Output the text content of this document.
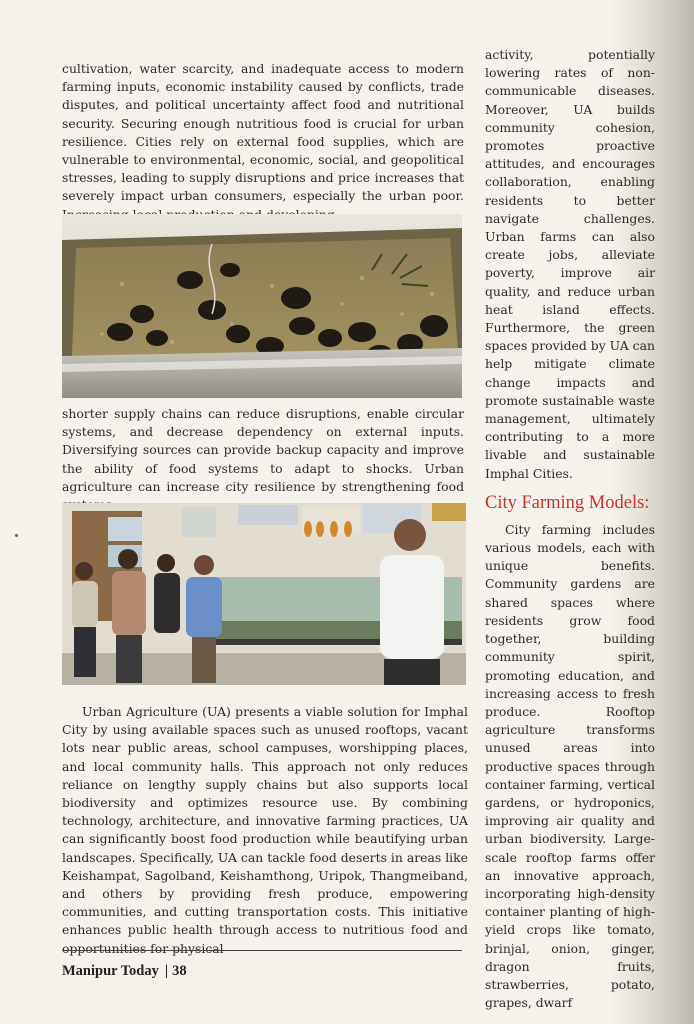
cultivation, water scarcity, and inadequate access to modern farming inputs, economic instability caused by conflicts, trade disputes, and political uncertainty affect food and nutritional security. Securing enough nutritious food is crucial for urban resilience. Cities rely on external food supplies, which are vulnerable to environmental, economic, social, and geopolitical stresses, leading to supply disruptions and price increases that severely impact urban consumers, especially the urban poor.

shorter supply chains can reduce disruptions, enable circular systems, and decrease dependency on external inputs. Diversifying sources can provide backup capacity and improve the ability of food systems to adapt to shocks. Urban agriculture can increase city resilience by strengthening food

Urban Agriculture (UA) presents a viable solution for Imphal City by using available spaces such as unused rooftops, vacant lots near public areas, school campuses, worshipping places, and local community halls. This approach not only reduces reliance on lengthy supply chains but also supports local biodiversity and optimizes resource use. By combining technology, architecture, and innovative farming practices, UA can significantly boost food production while beautifying urban landscapes. Specifically, UA can tackle food deserts in areas like Keishampat, Sagolband, Keishamthong, Uripok, Thangmeiband, and others by providing fresh produce, empowering communities, and cutting transportation costs. This initiative enhances public health through access to nutritious food and opportunities for physical

activity, potentially lowering rates of non-communicable diseases. Moreover, UA builds community cohesion, promotes proactive attitudes, and encourages collaboration, enabling residents to better navigate challenges. Urban farms can also create jobs, alleviate poverty, improve air quality, and reduce urban heat island effects. Furthermore, the green spaces provided by UA can help mitigate climate change impacts and promote sustainable waste management, ultimately contributing to a more livable and sustainable Imphal Cities.

City Farming Models:

City farming includes various models, each with unique benefits. Community gardens are shared spaces where residents grow food together, building community spirit, promoting education, and increasing access to fresh produce. Rooftop agriculture transforms unused areas into productive spaces through container farming, vertical gardens, or hydroponics, improving air quality and urban biodiversity. Large-scale rooftop farms offer an innovative approach, incorporating high-density container planting of high-yield crops like tomato, brinjal, onion, ginger, dragon fruits, strawberries, potato, grapes, dwarf

Manipur Today | 38
